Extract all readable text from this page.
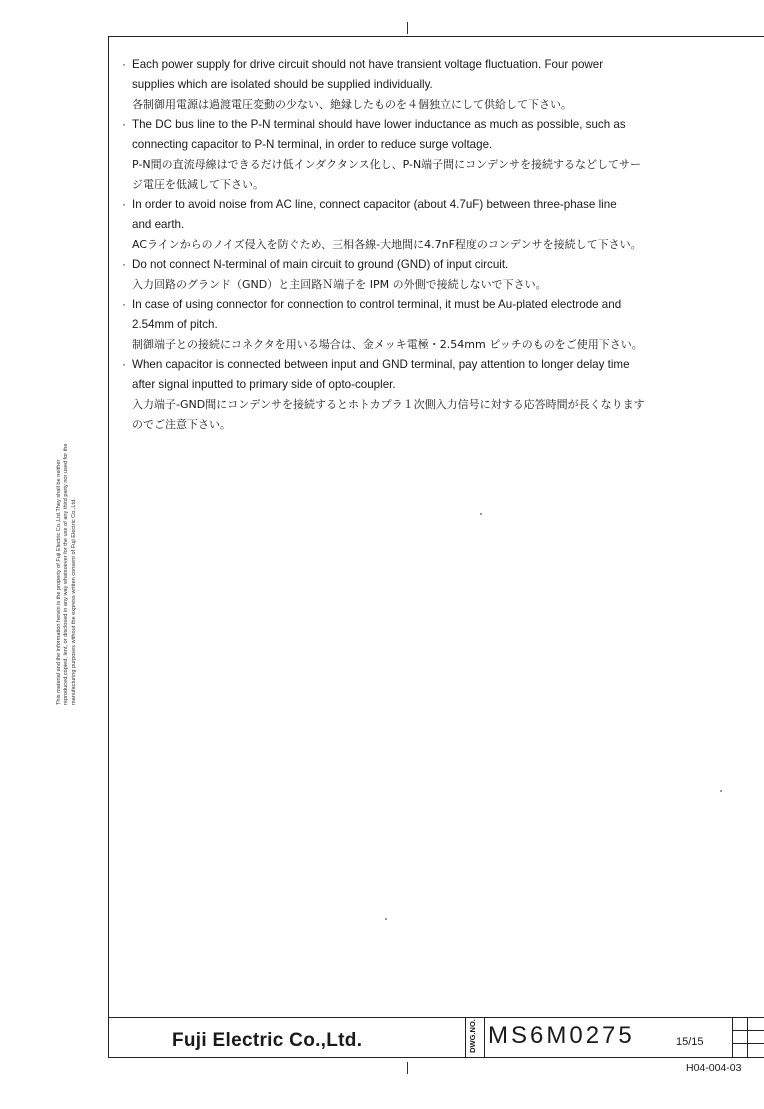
This material and the information herein is the property of Fuji Electric Co.,Ltd.They shall be neither reproduced,copied, lent, or disclosed in any way whatsoever for the use of any third party nor used for the manufacturing purposes without the express written consent of Fuji Electric Co.,Ltd.
· Each power supply for drive circuit should not have transient voltage fluctuation. Four power
supplies which are isolated should be supplied individually.
各制御用電源は過渡電圧変動の少ない、絶縁したものを４個独立にして供給して下さい。
· The DC bus line to the P-N terminal should have lower inductance as much as possible, such as
connecting capacitor to P-N terminal, in order to reduce surge voltage.
P-N間の直流母線はできるだけ低インダクタンス化し、P-N端子間にコンデンサを接続するなどしてサー
ジ電圧を低減して下さい。
· In order to avoid noise from AC line, connect capacitor (about 4.7uF) between three-phase line
and earth.
ACラインからのノイズ侵入を防ぐため、三相各線-大地間に4.7nF程度のコンデンサを接続して下さい。
· Do not connect N-terminal of main circuit to ground (GND) of input circuit.
入力回路のグランド（GND）と主回路Ｎ端子を IPM の外側で接続しないで下さい。
· In case of using connector for connection to control terminal, it must be Au-plated electrode and
2.54mm of pitch.
制御端子との接続にコネクタを用いる場合は、金メッキ電極・2.54mm ピッチのものをご使用下さい。
· When capacitor is connected between input and GND terminal, pay attention to longer delay time
after signal inputted to primary side of opto-coupler.
入力端子-GND間にコンデンサを接続するとホトカプラ１次側入力信号に対する応答時間が長くなります
のでご注意下さい。
Fuji Electric Co.,Ltd.	DWG.NO. MS6M0275	15/15
H04-004-03
